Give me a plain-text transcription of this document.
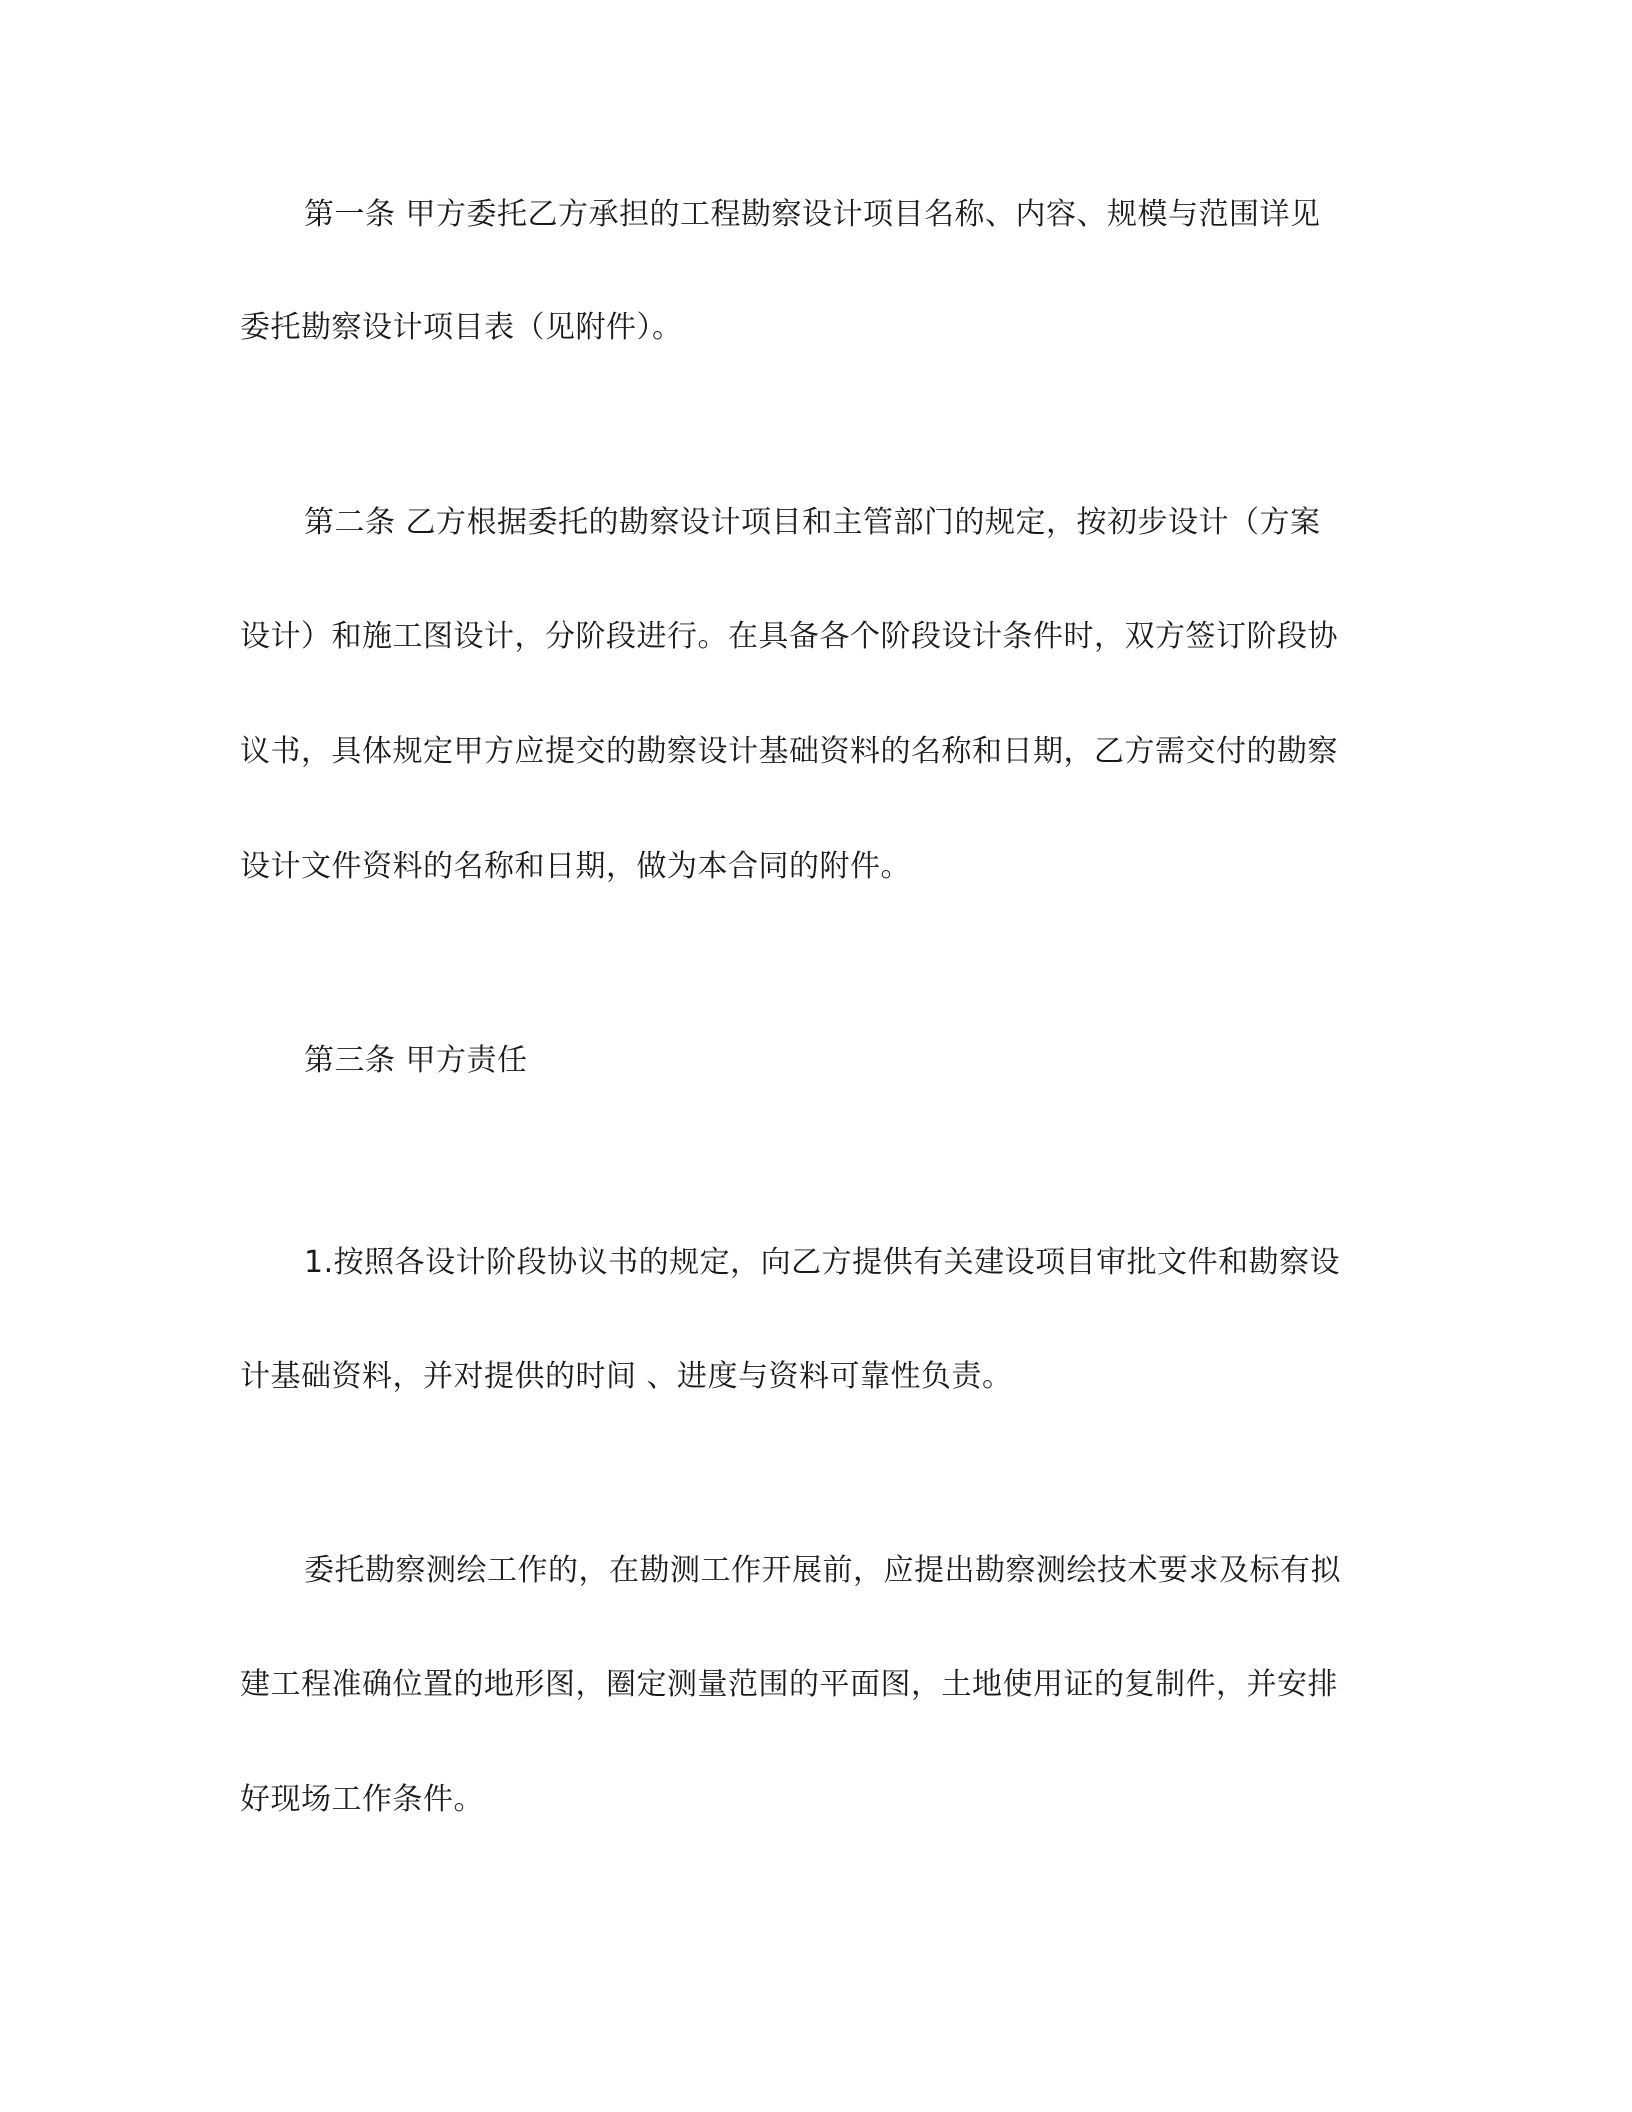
第一条 甲方委托乙方承担的工程勘察设计项目名称、内容、规模与范围详见
委托勘察设计项目表（见附件）。
第二条 乙方根据委托的勘察设计项目和主管部门的规定，按初步设计（方案
设计）和施工图设计，分阶段进行。在具备各个阶段设计条件时，双方签订阶段协
议书，具体规定甲方应提交的勘察设计基础资料的名称和日期，乙方需交付的勘察
设计文件资料的名称和日期，做为本合同的附件。
第三条 甲方责任
1.按照各设计阶段协议书的规定，向乙方提供有关建设项目审批文件和勘察设
计基础资料，并对提供的时间 、进度与资料可靠性负责。
委托勘察测绘工作的，在勘测工作开展前，应提出勘察测绘技术要求及标有拟
建工程准确位置的地形图，圈定测量范围的平面图，土地使用证的复制件，并安排
好现场工作条件。
